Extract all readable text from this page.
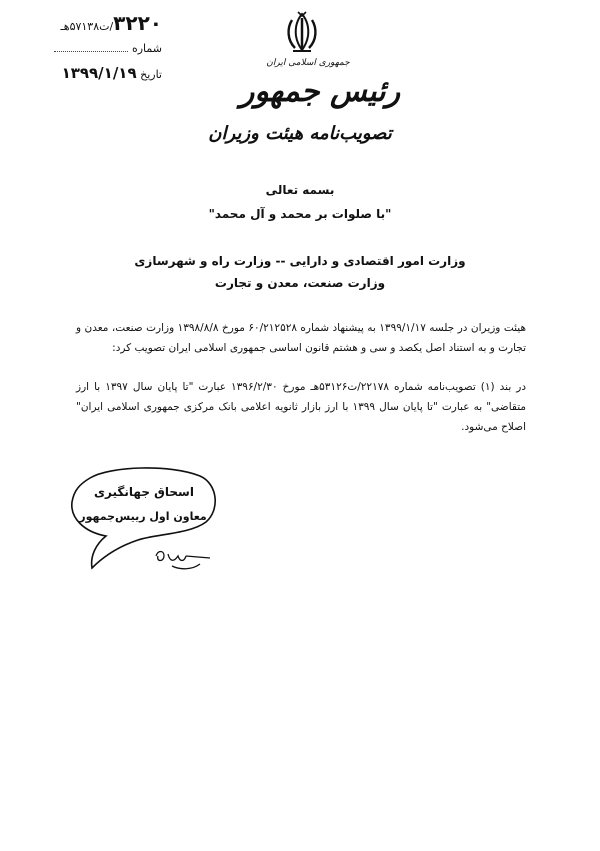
۳۲۲۰/ت۵۷۱۳۸هـ
شماره
تاریخ ۱۳۹۹/۱/۱۹
جمهوری اسلامی ایران
رئیس جمهور
تصویب‌نامه هیئت وزیران
بسمه تعالی
"با صلوات بر محمد و آل محمد"
وزارت امور اقتصادی و دارایی -- وزارت راه و شهرسازی
وزارت صنعت، معدن و تجارت
هیئت وزیران در جلسه ۱۳۹۹/۱/۱۷ به پیشنهاد شماره ۶۰/۲۱۲۵۲۸ مورخ ۱۳۹۸/۸/۸ وزارت صنعت، معدن و تجارت و به استناد اصل یکصد و سی و هشتم قانون اساسی جمهوری اسلامی ایران تصویب کرد:
در بند (۱) تصویب‌نامه شماره ۲۲۱۷۸/ت۵۳۱۲۶هـ مورخ ۱۳۹۶/۲/۳۰ عبارت "تا پایان سال ۱۳۹۷ با ارز متقاضی" به عبارت "تا پایان سال ۱۳۹۹ با ارز بازار ثانویه اعلامی بانک مرکزی جمهوری اسلامی ایران" اصلاح می‌شود.
اسحاق جهانگیری
معاون اول رییس‌جمهور
